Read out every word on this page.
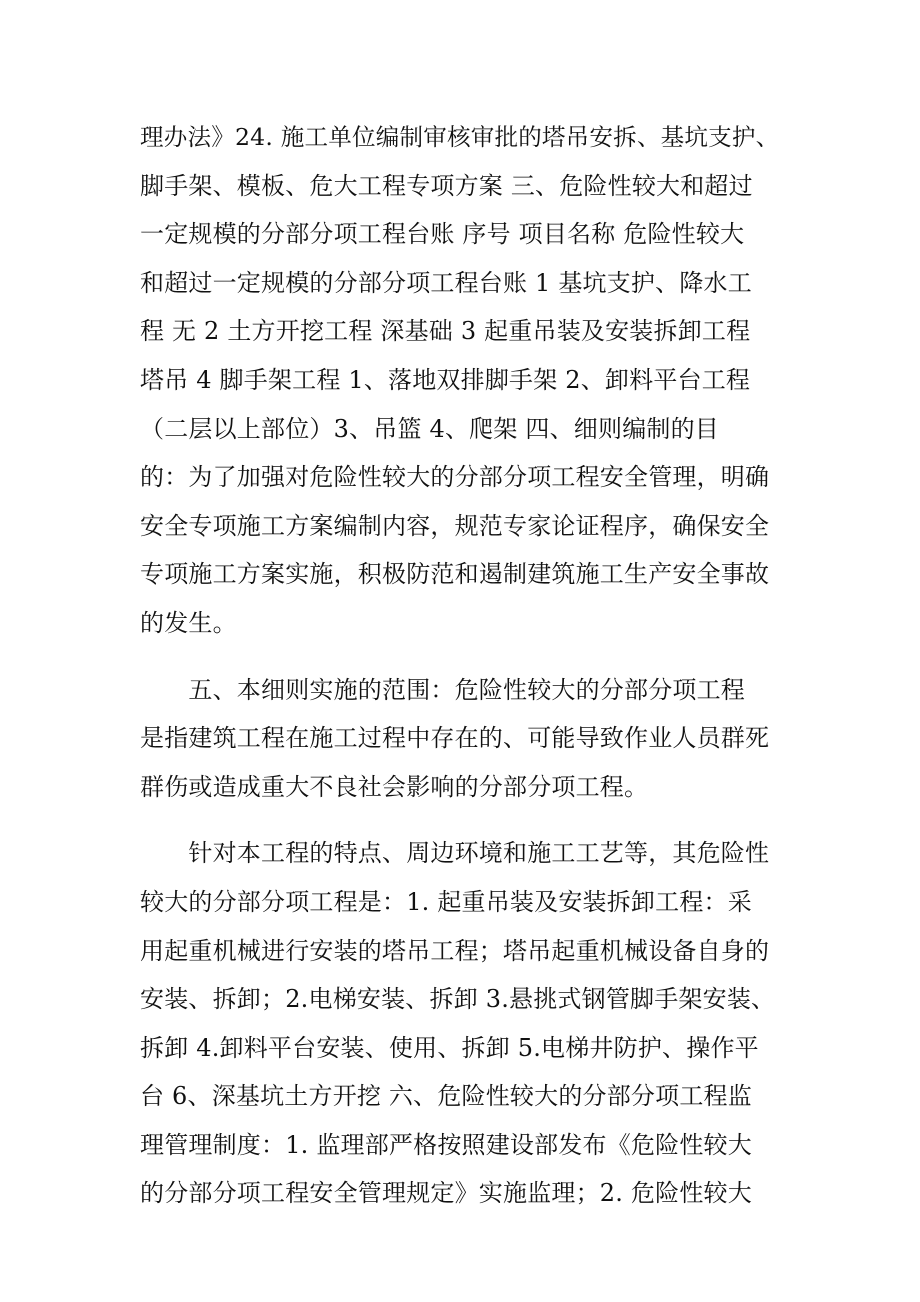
理办法》24. 施工单位编制审核审批的塔吊安拆、基坑支护、
脚手架、模板、危大工程专项方案 三、危险性较大和超过
一定规模的分部分项工程台账 序号 项目名称 危险性较大
和超过一定规模的分部分项工程台账 1 基坑支护、降水工
程 无 2 土方开挖工程 深基础 3 起重吊装及安装拆卸工程
塔吊 4 脚手架工程 1、落地双排脚手架 2、卸料平台工程
（二层以上部位）3、吊篮 4、爬架 四、细则编制的目
的：为了加强对危险性较大的分部分项工程安全管理，明确
安全专项施工方案编制内容，规范专家论证程序，确保安全
专项施工方案实施，积极防范和遏制建筑施工生产安全事故
的发生。
　　五、本细则实施的范围：危险性较大的分部分项工程
是指建筑工程在施工过程中存在的、可能导致作业人员群死
群伤或造成重大不良社会影响的分部分项工程。
　　针对本工程的特点、周边环境和施工工艺等，其危险性
较大的分部分项工程是：1. 起重吊装及安装拆卸工程：采
用起重机械进行安装的塔吊工程；塔吊起重机械设备自身的
安装、拆卸；2.电梯安装、拆卸 3.悬挑式钢管脚手架安装、
拆卸 4.卸料平台安装、使用、拆卸 5.电梯井防护、操作平
台 6、深基坑土方开挖 六、危险性较大的分部分项工程监
理管理制度：1. 监理部严格按照建设部发布《危险性较大
的分部分项工程安全管理规定》实施监理；2. 危险性较大
